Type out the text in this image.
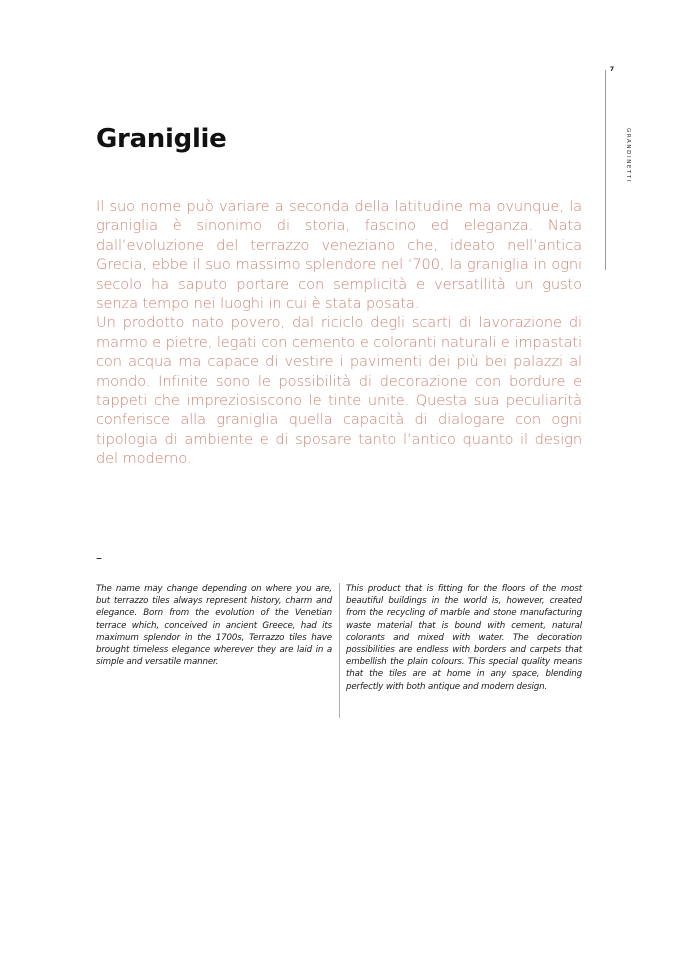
7
GRANDINETTI
Graniglie

Il suo nome può variare a seconda della latitudine ma ovunque, la graniglia è sinonimo di storia, fascino ed eleganza. Nata dall’evoluzione del terrazzo veneziano che, ideato nell’antica Grecia, ebbe il suo massimo splendore nel ‘700, la graniglia in ogni secolo ha saputo portare con semplicità e versatilità un gusto senza tempo nei luoghi in cui è stata posata.

Un prodotto nato povero, dal riciclo degli scarti di lavorazione di marmo e pietre, legati con cemento e coloranti naturali e impastati con acqua ma capace di vestire i pavimenti dei più bei palazzi al mondo. Infinite sono le possibilità di decorazione con bordure e tappeti che impreziosiscono le tinte unite. Questa sua peculiarità conferisce alla graniglia quella capacità di dialogare con ogni tipologia di ambiente e di sposare tanto l’antico quanto il design del moderno.

–

The name may change depending on where you are, but terrazzo tiles always represent history, charm and elegance. Born from the evolution of the Venetian terrace which, conceived in ancient Greece, had its maximum splendor in the 1700s, Terrazzo tiles have brought timeless elegance wherever they are laid in a simple and versatile manner.

This product that is fitting for the floors of the most beautiful buildings in the world is, however, created from the recycling of marble and stone manufacturing waste material that is bound with cement, natural colorants and mixed with water. The decoration possibilities are endless with borders and carpets that embellish the plain colours. This special quality means that the tiles are at home in any space, blending perfectly with both antique and modern design.
